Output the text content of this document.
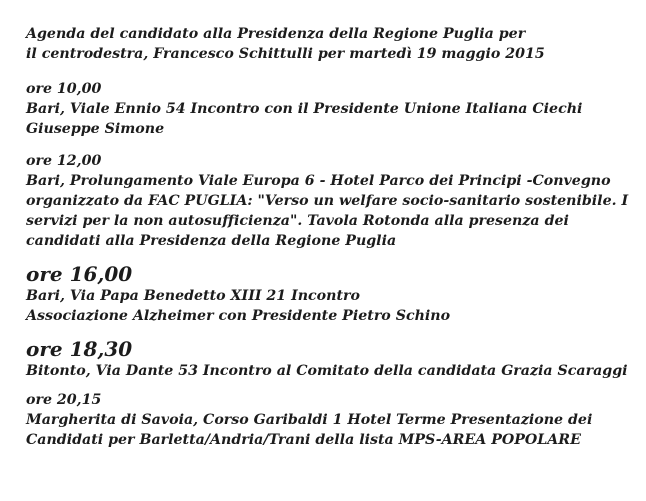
Agenda del candidato alla Presidenza della Regione Puglia per
il centrodestra, Francesco Schittulli per martedì 19 maggio 2015
ore 10,00
Bari, Viale Ennio 54 Incontro con il Presidente Unione Italiana Ciechi
Giuseppe Simone
ore 12,00
Bari, Prolungamento Viale Europa 6 - Hotel Parco dei Principi -Convegno
organizzato da FAC PUGLIA: "Verso un welfare socio-sanitario sostenibile. I
servizi per la non autosufficienza". Tavola Rotonda alla presenza dei
candidati alla Presidenza della Regione Puglia
ore 16,00
Bari, Via Papa Benedetto XIII 21 Incontro
Associazione Alzheimer con Presidente Pietro Schino
ore 18,30
Bitonto, Via Dante 53 Incontro al Comitato della candidata Grazia Scaraggi
ore 20,15
Margherita di Savoia, Corso Garibaldi 1 Hotel Terme Presentazione dei
Candidati per Barletta/Andria/Trani della lista MPS-AREA POPOLARE
